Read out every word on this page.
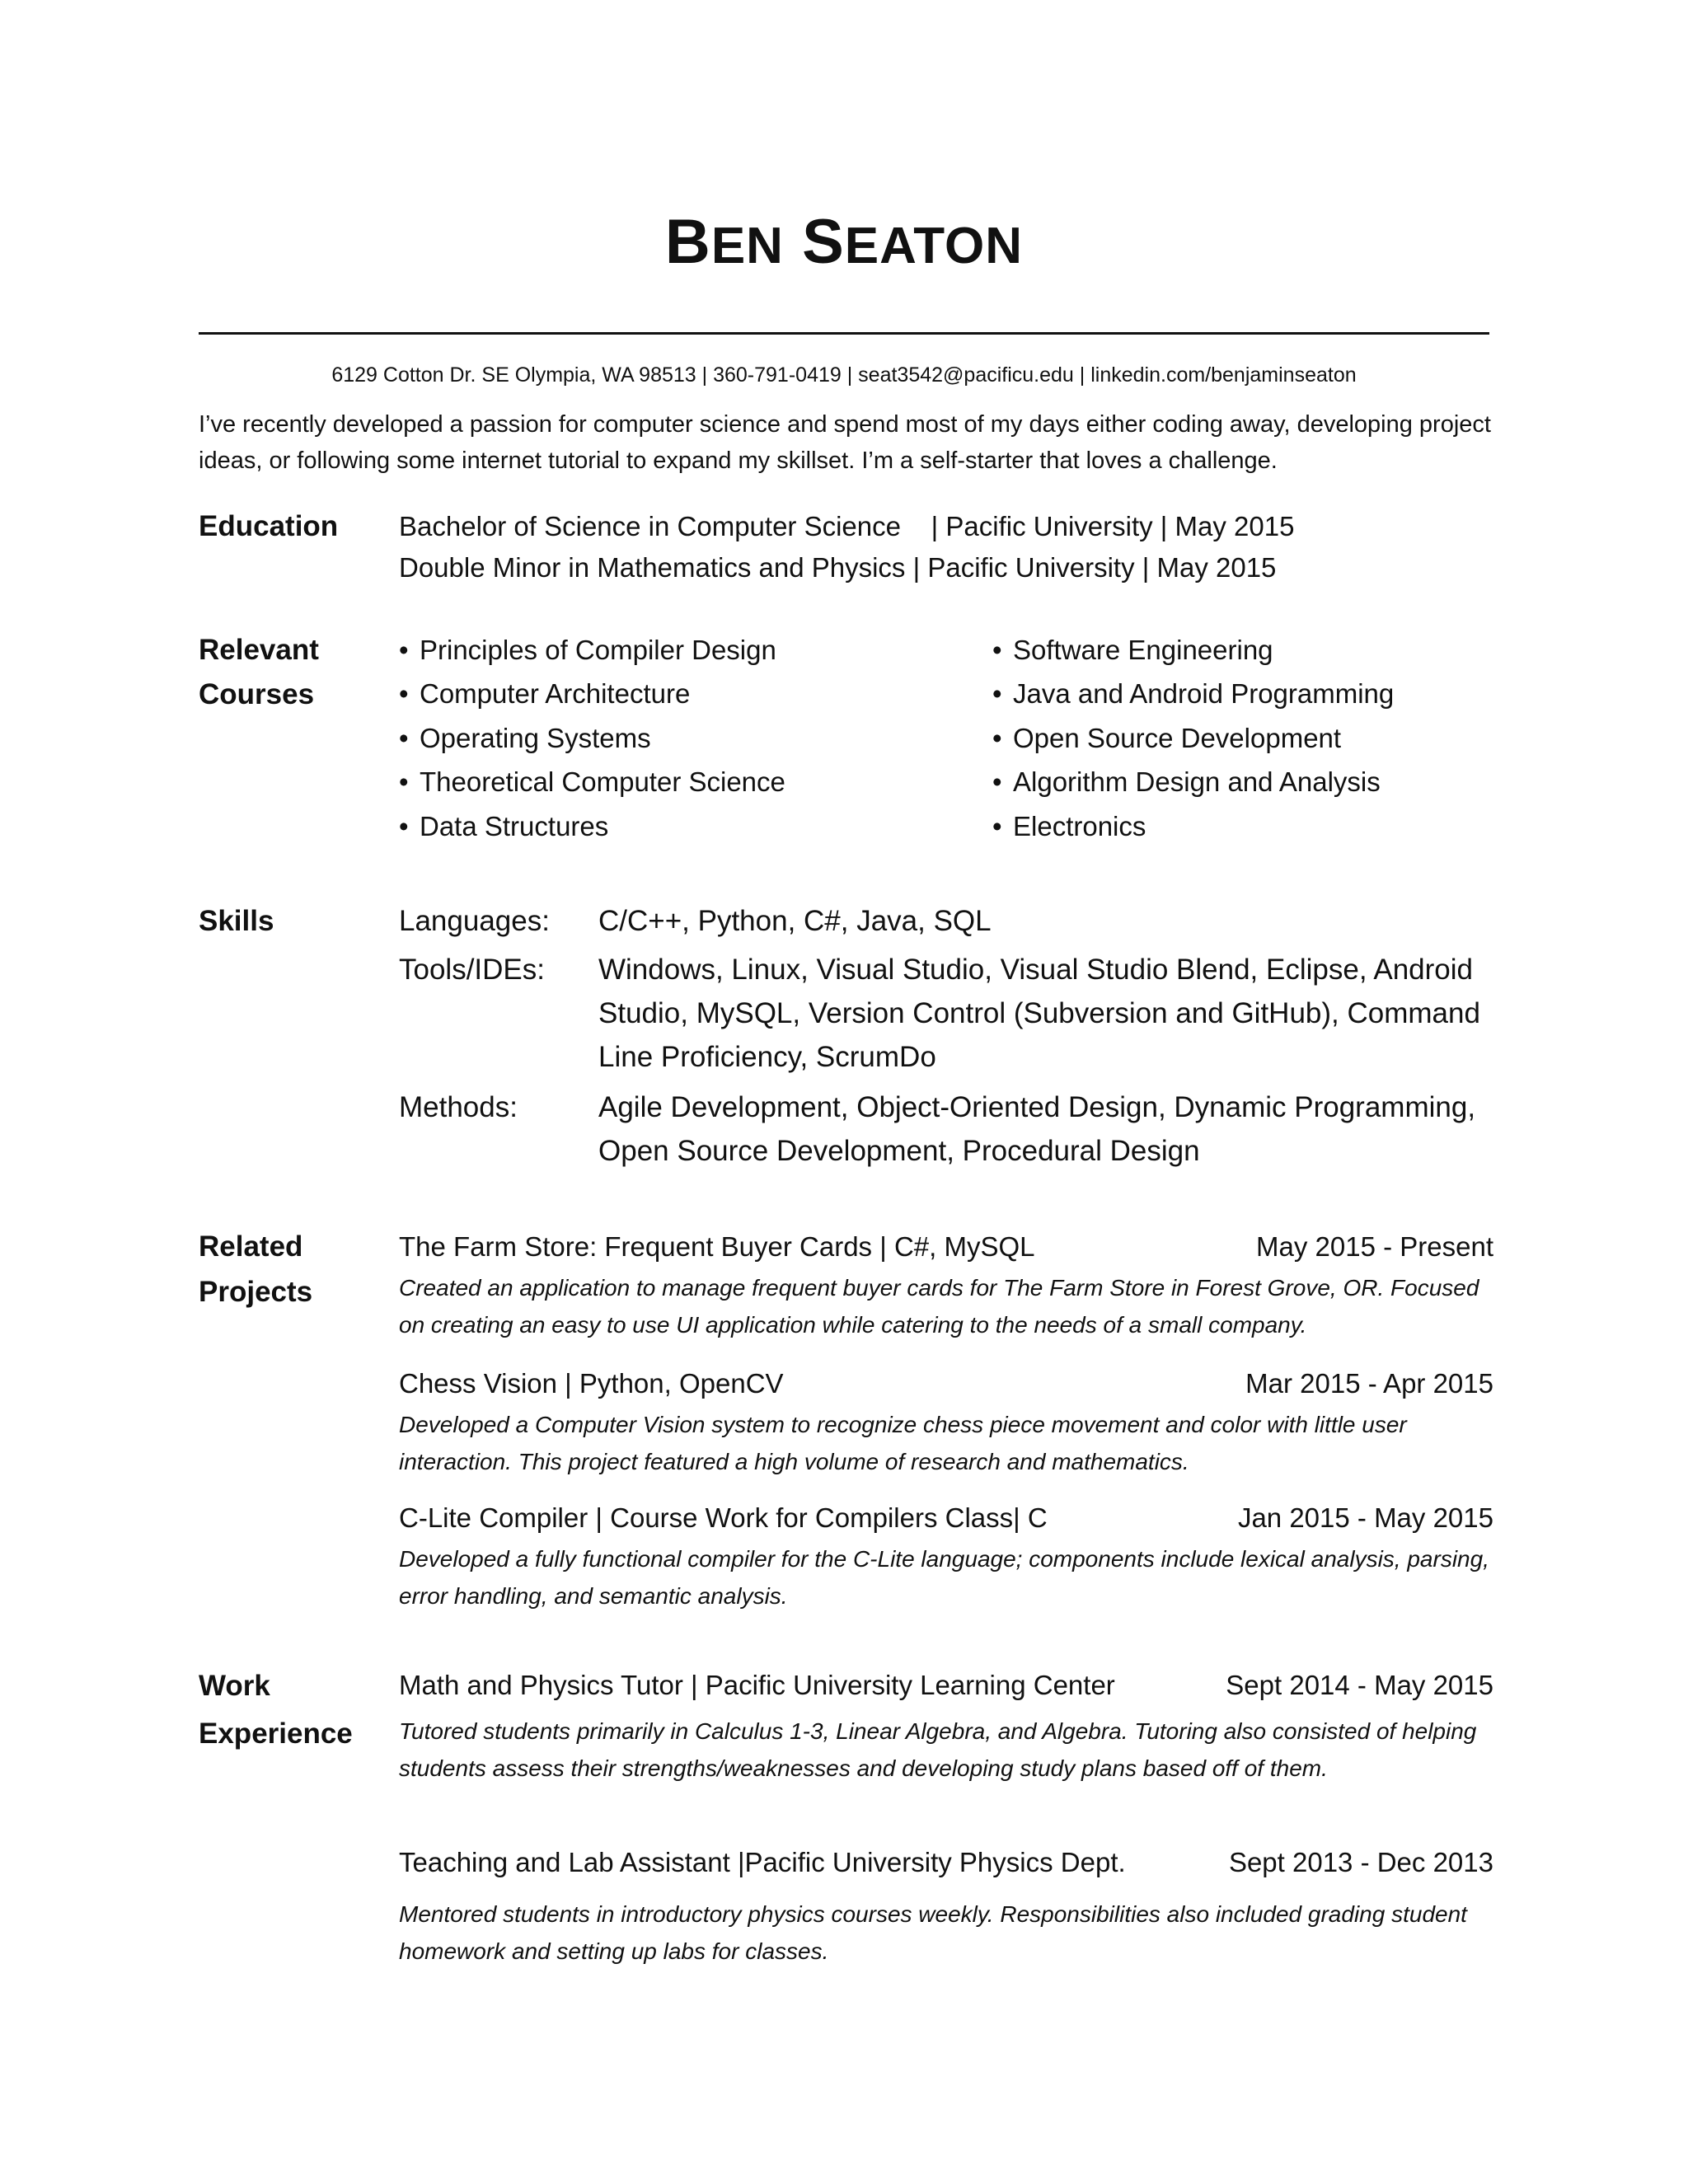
BEN SEATON
6129 Cotton Dr. SE Olympia, WA 98513 | 360-791-0419 | seat3542@pacificu.edu | linkedin.com/benjaminseaton
I’ve recently developed a passion for computer science and spend most of my days either coding away, developing project ideas, or following some internet tutorial to expand my skillset. I’m a self-starter that loves a challenge.
Education Bachelor of Science in Computer Science    | Pacific University | May 2015
Double Minor in Mathematics and Physics | Pacific University | May 2015
Relevant
Courses
• Principles of Compiler Design
• Computer Architecture
• Operating Systems
• Theoretical Computer Science
• Data Structures
• Software Engineering
• Java and Android Programming
• Open Source Development
• Algorithm Design and Analysis
• Electronics
Skills	Languages: C/C++, Python, C#, Java, SQL
Tools/IDEs: Windows, Linux, Visual Studio, Visual Studio Blend, Eclipse, Android Studio, MySQL, Version Control (Subversion and GitHub), Command Line Proficiency, ScrumDo
Methods:	Agile Development, Object-Oriented Design, Dynamic Programming, Open Source Development, Procedural Design
Related
Projects
The Farm Store: Frequent Buyer Cards | C#, MySQL	May 2015 - Present
Created an application to manage frequent buyer cards for The Farm Store in Forest Grove, OR. Focused on creating an easy to use UI application while catering to the needs of a small company.
Chess Vision | Python, OpenCV	Mar 2015 - Apr 2015
Developed a Computer Vision system to recognize chess piece movement and color with little user interaction. This project featured a high volume of research and mathematics.
C-Lite Compiler | Course Work for Compilers Class| C	Jan 2015 - May 2015
Developed a fully functional compiler for the C-Lite language; components include lexical analysis, parsing, error handling, and semantic analysis.
Work
Experience
Math and Physics Tutor | Pacific University Learning Center	Sept 2014 - May 2015
Tutored students primarily in Calculus 1-3, Linear Algebra, and Algebra. Tutoring also consisted of helping students assess their strengths/weaknesses and developing study plans based off of them.
Teaching and Lab Assistant |Pacific University Physics Dept.	Sept 2013 - Dec 2013
Mentored students in introductory physics courses weekly. Responsibilities also included grading student homework and setting up labs for classes.
